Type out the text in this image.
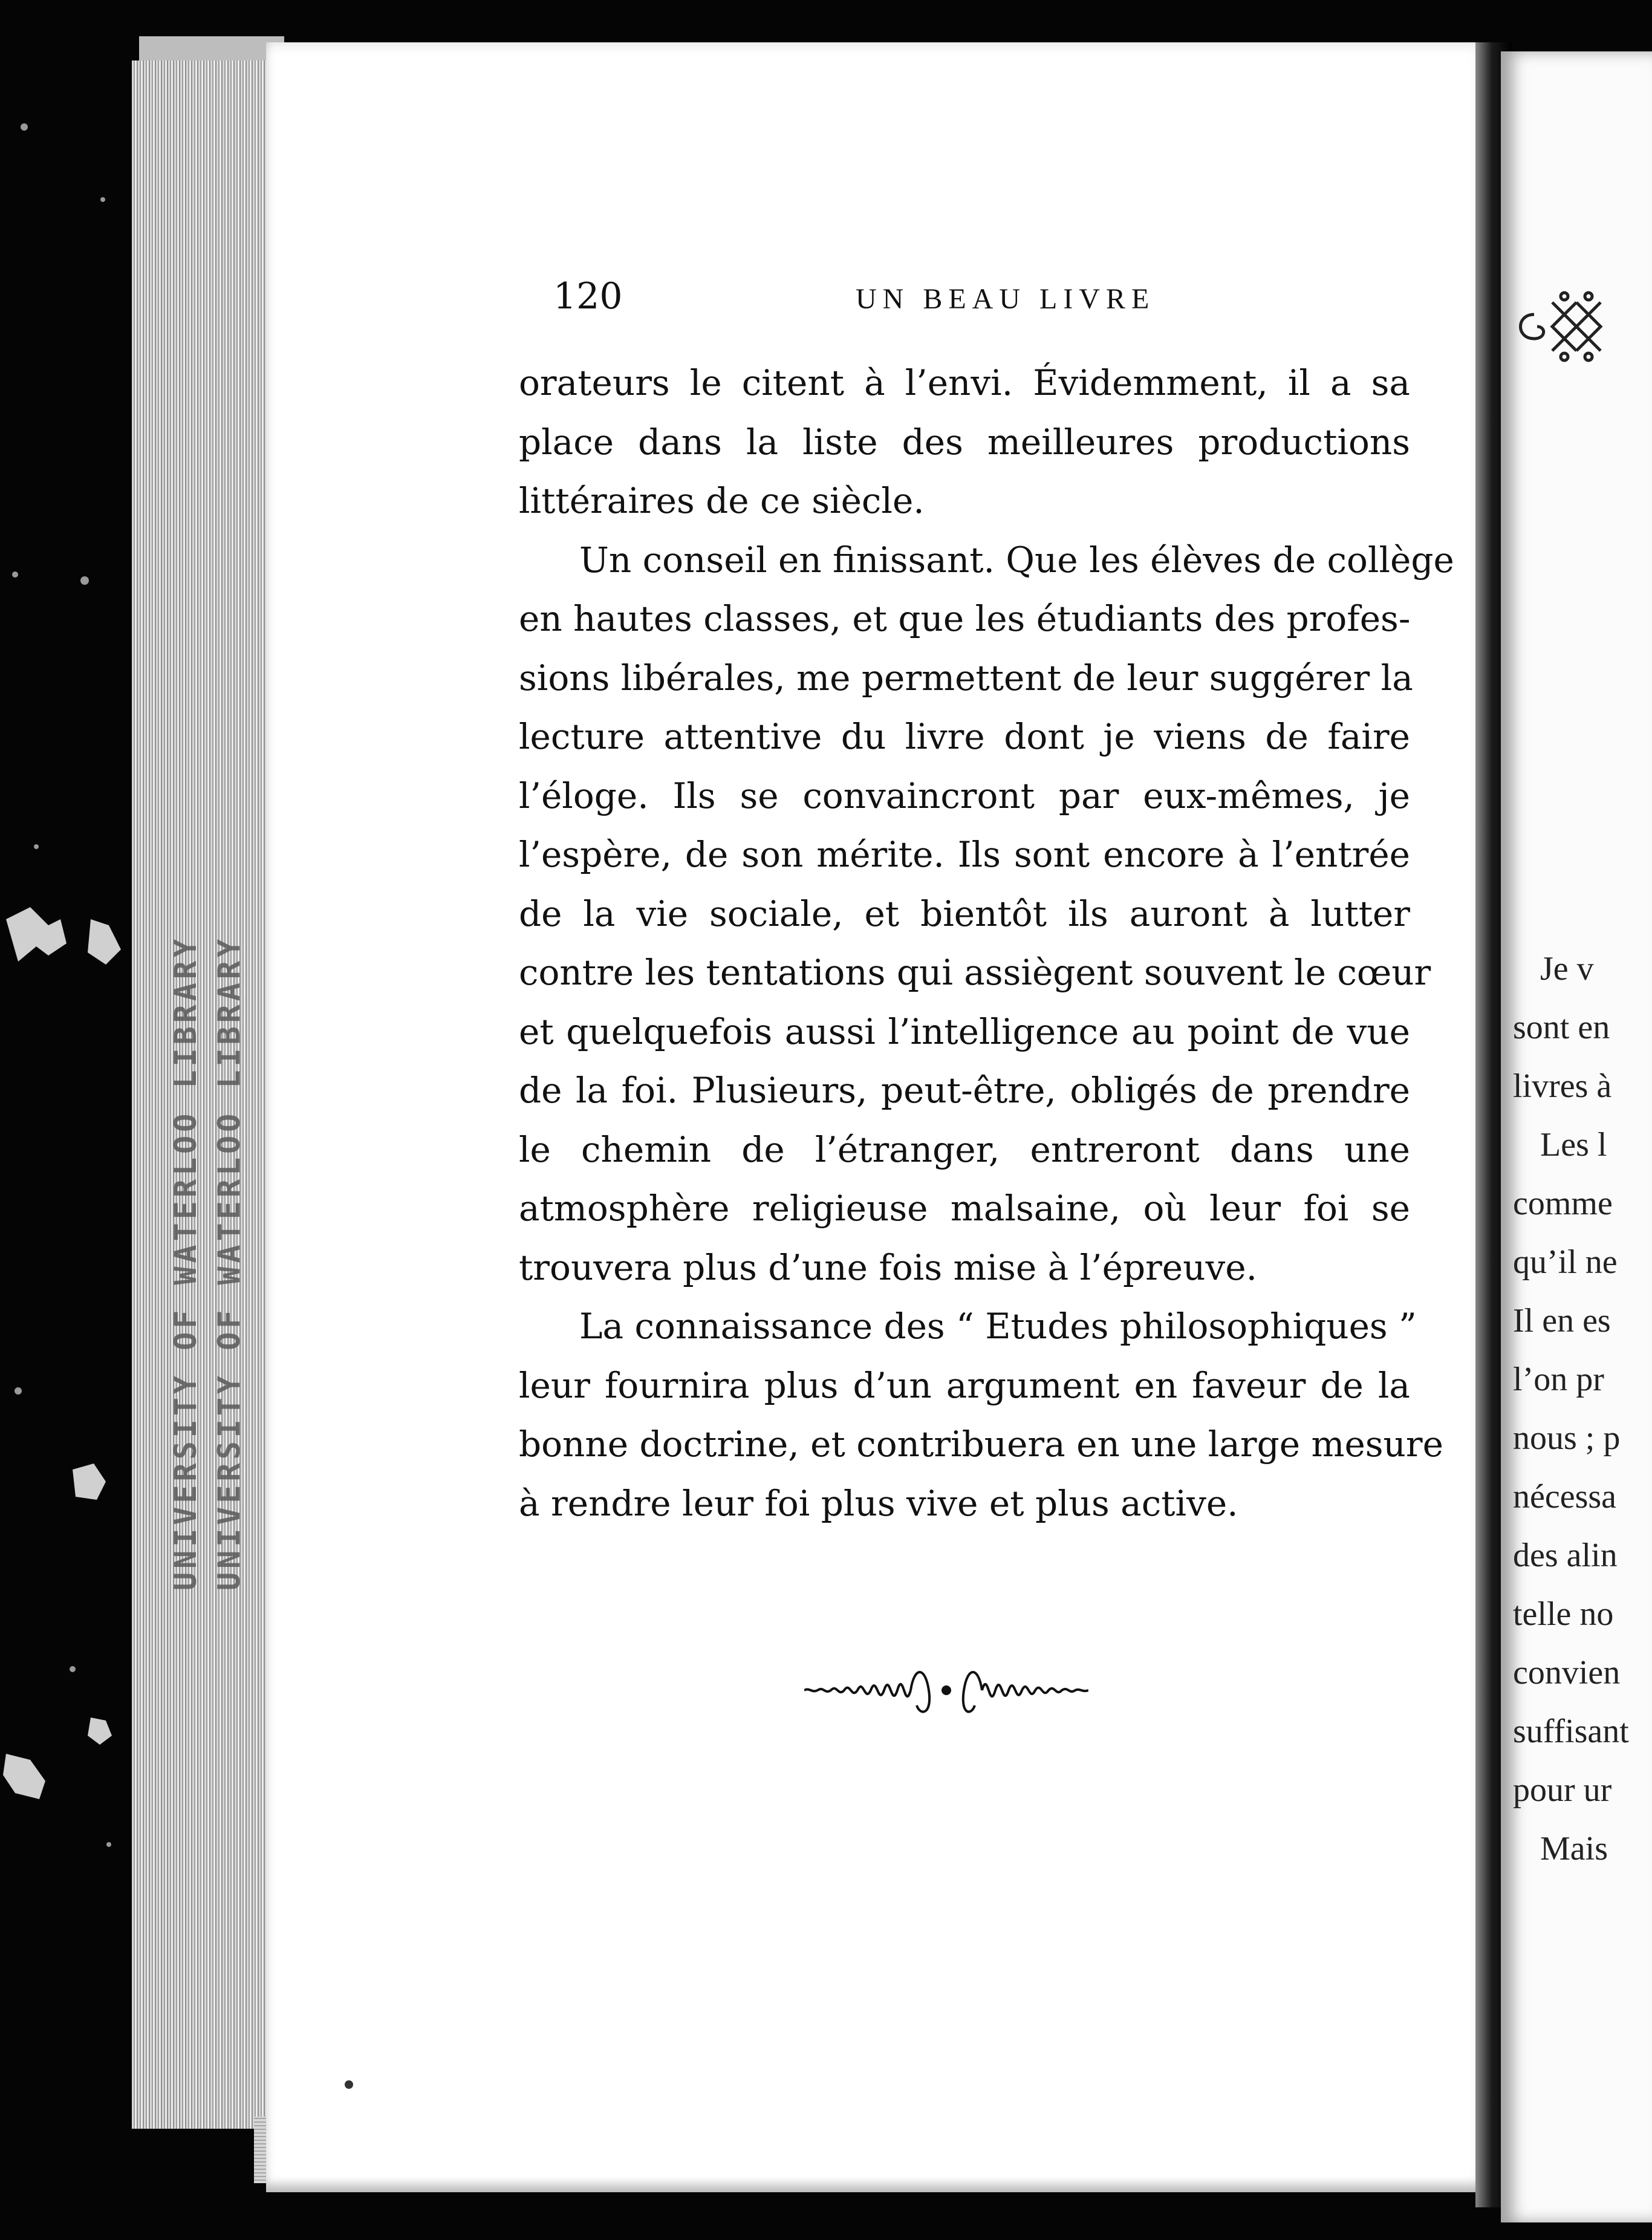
UNIVERSITY OF WATERLOO LIBRARY UNIVERSITY OF WATERLOO LIBRARY
120	UN BEAU LIVRE
orateurs le citent à l’envi. Évidemment, il a sa
place dans la liste des meilleures productions
littéraires de ce siècle.
Un conseil en finissant. Que les élèves de collège
en hautes classes, et que les étudiants des profes-
sions libérales, me permettent de leur suggérer la
lecture attentive du livre dont je viens de faire
l’éloge. Ils se convaincront par eux-mêmes, je
l’espère, de son mérite. Ils sont encore à l’entrée
de la vie sociale, et bientôt ils auront à lutter
contre les tentations qui assiègent souvent le cœur
et quelquefois aussi l’intelligence au point de vue
de la foi. Plusieurs, peut-être, obligés de prendre
le chemin de l’étranger, entreront dans une
atmosphère religieuse malsaine, où leur foi se
trouvera plus d’une fois mise à l’épreuve.
La connaissance des “ Etudes philosophiques ”
leur fournira plus d’un argument en faveur de la
bonne doctrine, et contribuera en une large mesure
à rendre leur foi plus vive et plus active.
Je v
sont en
livres à
Les l
comme
qu’il ne
Il en es
l’on pr
nous ; p
nécessa
des alin
telle no
convien
suffisant
pour ur
Mais
